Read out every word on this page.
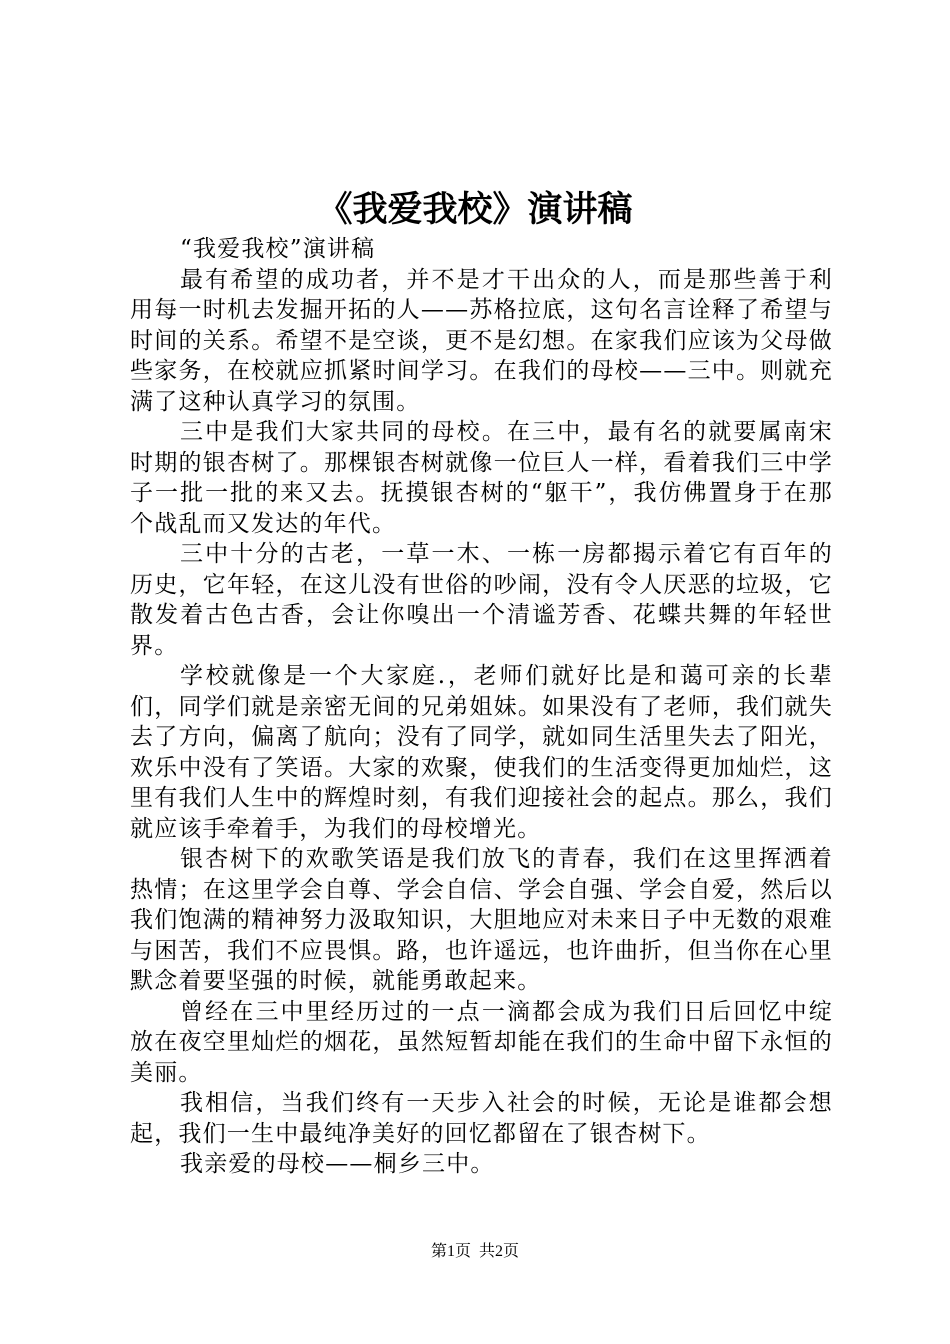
《我爱我校》演讲稿

“我爱我校”演讲稿

最有希望的成功者，并不是才干出众的人，而是那些善于利用每一时机去发掘开拓的人——苏格拉底，这句名言诠释了希望与时间的关系。希望不是空谈，更不是幻想。在家我们应该为父母做些家务，在校就应抓紧时间学习。在我们的母校——三中。则就充满了这种认真学习的氛围。

三中是我们大家共同的母校。在三中，最有名的就要属南宋时期的银杏树了。那棵银杏树就像一位巨人一样，看着我们三中学子一批一批的来又去。抚摸银杏树的“躯干”，我仿佛置身于在那个战乱而又发达的年代。

三中十分的古老，一草一木、一栋一房都揭示着它有百年的历史，它年轻，在这儿没有世俗的吵闹，没有令人厌恶的垃圾，它散发着古色古香，会让你嗅出一个清谧芳香、花蝶共舞的年轻世界。

学校就像是一个大家庭.，老师们就好比是和蔼可亲的长辈们，同学们就是亲密无间的兄弟姐妹。如果没有了老师，我们就失去了方向，偏离了航向；没有了同学，就如同生活里失去了阳光，欢乐中没有了笑语。大家的欢聚，使我们的生活变得更加灿烂，这里有我们人生中的辉煌时刻，有我们迎接社会的起点。那么，我们就应该手牵着手，为我们的母校增光。

银杏树下的欢歌笑语是我们放飞的青春，我们在这里挥洒着热情；在这里学会自尊、学会自信、学会自强、学会自爱，然后以我们饱满的精神努力汲取知识，大胆地应对未来日子中无数的艰难与困苦，我们不应畏惧。路，也许遥远，也许曲折，但当你在心里默念着要坚强的时候，就能勇敢起来。

曾经在三中里经历过的一点一滴都会成为我们日后回忆中绽放在夜空里灿烂的烟花，虽然短暂却能在我们的生命中留下永恒的美丽。

我相信，当我们终有一天步入社会的时候，无论是谁都会想起，我们一生中最纯净美好的回忆都留在了银杏树下。

我亲爱的母校——桐乡三中。

第1页 共2页
